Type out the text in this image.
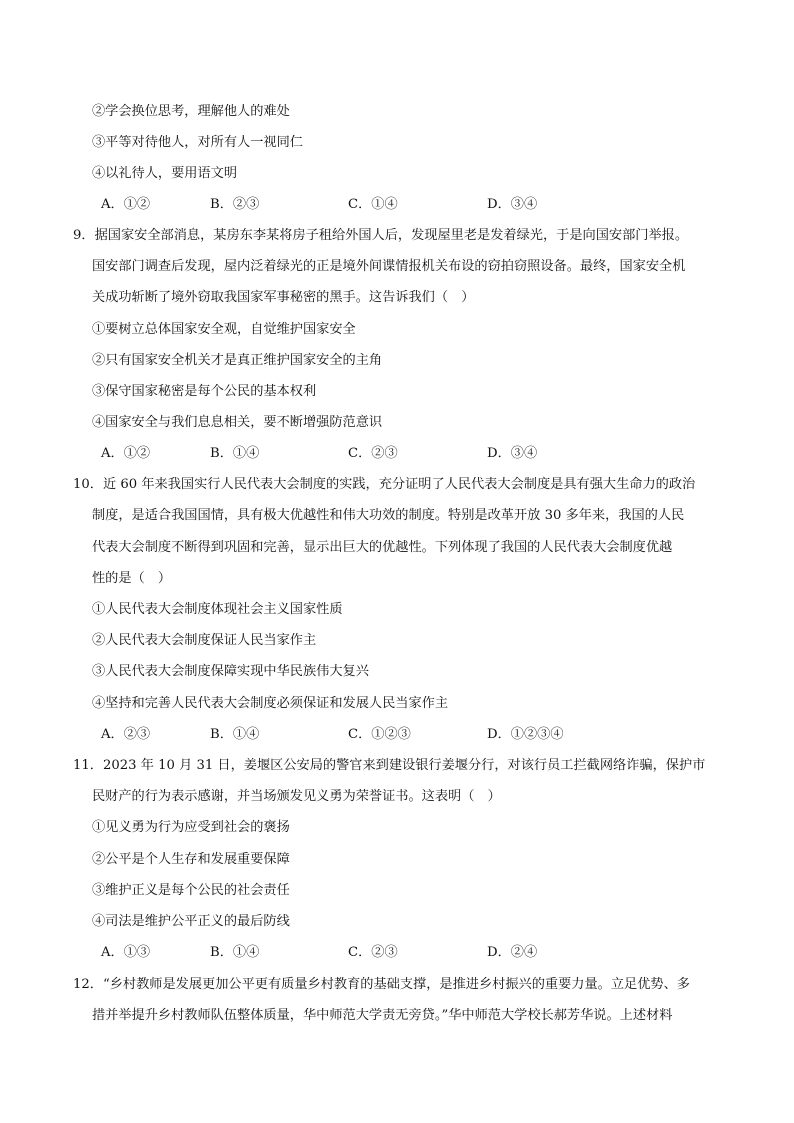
②学会换位思考，理解他人的难处
③平等对待他人，对所有人一视同仁
④以礼待人，要用语文明
A．①②	B．②③	C．①④	D．③④
9．据国家安全部消息，某房东李某将房子租给外国人后，发现屋里老是发着绿光，于是向国安部门举报。
国安部门调查后发现，屋内泛着绿光的正是境外间谍情报机关布设的窃拍窃照设备。最终，国家安全机
关成功斩断了境外窃取我国家军事秘密的黑手。这告诉我们（　）
①要树立总体国家安全观，自觉维护国家安全
②只有国家安全机关才是真正维护国家安全的主角
③保守国家秘密是每个公民的基本权利
④国家安全与我们息息相关，要不断增强防范意识
A．①②	B．①④	C．②③	D．③④
10．近 60 年来我国实行人民代表大会制度的实践，充分证明了人民代表大会制度是具有强大生命力的政治
制度，是适合我国国情，具有极大优越性和伟大功效的制度。特别是改革开放 30 多年来，我国的人民
代表大会制度不断得到巩固和完善，显示出巨大的优越性。下列体现了我国的人民代表大会制度优越
性的是（　）
①人民代表大会制度体现社会主义国家性质
②人民代表大会制度保证人民当家作主
③人民代表大会制度保障实现中华民族伟大复兴
④坚持和完善人民代表大会制度必须保证和发展人民当家作主
A．②③	B．①④	C．①②③	D．①②③④
11．2023 年 10 月 31 日，姜堰区公安局的警官来到建设银行姜堰分行，对该行员工拦截网络诈骗，保护市
民财产的行为表示感谢，并当场颁发见义勇为荣誉证书。这表明（　）
①见义勇为行为应受到社会的褒扬
②公平是个人生存和发展重要保障
③维护正义是每个公民的社会责任
④司法是维护公平正义的最后防线
A．①③	B．①④	C．②③	D．②④
12．“乡村教师是发展更加公平更有质量乡村教育的基础支撑，是推进乡村振兴的重要力量。立足优势、多
措并举提升乡村教师队伍整体质量，华中师范大学责无旁贷。”华中师范大学校长郝芳华说。上述材料
